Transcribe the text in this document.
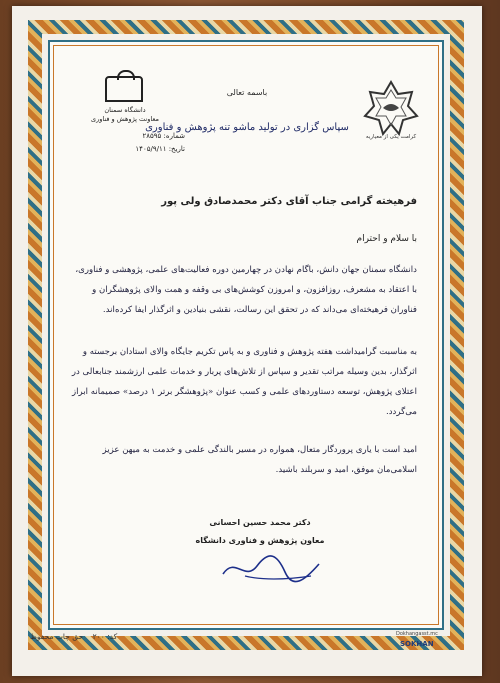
دانشگاه سمنان
معاونت پژوهش و فناوری
شماره: ۲۸۵۹۵
تاریخ: ۱۴۰۵/۹/۱۱
باسمه تعالی
سپاس گزاری در تولید ماشو تنه پژوهش و فناوری
کرامت یکی از معیاریه
فرهیخته گرامی جناب آقای دکتر محمدصادق ولی پور
با سلام و احترام
دانشگاه سمنان جهان دانش، باگام نهادن در چهارمین دوره فعالیت‌های علمی، پژوهشی و فناوری، با اعتقاد به مشعرف، روزافزون، و امروزن کوشش‌های بی وقفه و همت والای پژوهشگران و فناوران فرهیخته‌ای می‌داند که در تحقق این رسالت، نقشی بنیادین و اثرگذار ایفا کرده‌اند.
به مناسبت گرامیداشت هفته پژوهش و فناوری و به پاس تکریم جایگاه والای استادان برجسته و اثرگذار، بدین وسیله مراتب تقدیر و سپاس از تلاش‌های پربار و خدمات علمی ارزشمند جنابعالی در اعتلای پژوهش، توسعه دستاوردهای علمی و کسب عنوان «پژوهشگر برتر ۱ درصد» صمیمانه ابراز می‌گردد.
امید است با یاری پروردگار متعال، همواره در مسیر بالندگی علمی و خدمت به میهن عزیز اسلامی‌مان موفق، امید و سربلند باشید.
دکتر محمد حسین احسانی
معاون پژوهش و فناوری دانشگاه
کد: ۲۰۰    حق چاپ محفوظ	Dokhangasst.mc
SOKHAN
